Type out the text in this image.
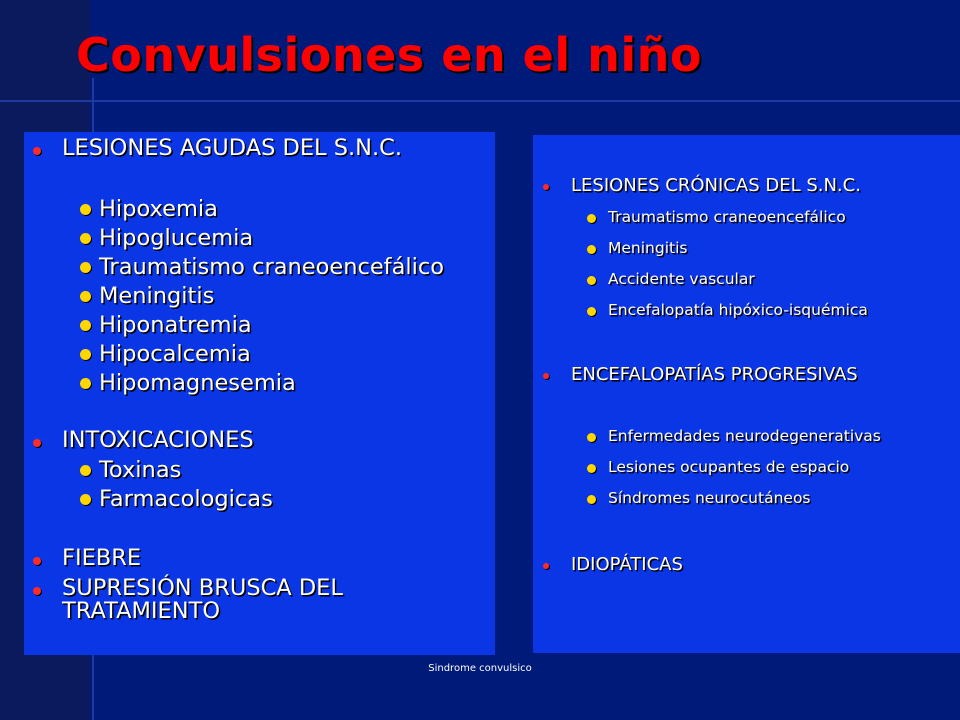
Convulsiones en el niño
LESIONES AGUDAS DEL S.N.C.
Hipoxemia
Hipoglucemia
Traumatismo craneoencefálico
Meningitis
Hiponatremia
Hipocalcemia
Hipomagnesemia
INTOXICACIONES
Toxinas
Farmacologicas
FIEBRE
SUPRESIÓN BRUSCA DEL
TRATAMIENTO
LESIONES CRÓNICAS DEL S.N.C.
Traumatismo craneoencefálico
Meningitis
Accidente vascular
Encefalopatía hipóxico-isquémica
ENCEFALOPATÍAS PROGRESIVAS
Enfermedades neurodegenerativas
Lesiones ocupantes de espacio
Síndromes neurocutáneos
IDIOPÁTICAS
Sindrome convulsico
